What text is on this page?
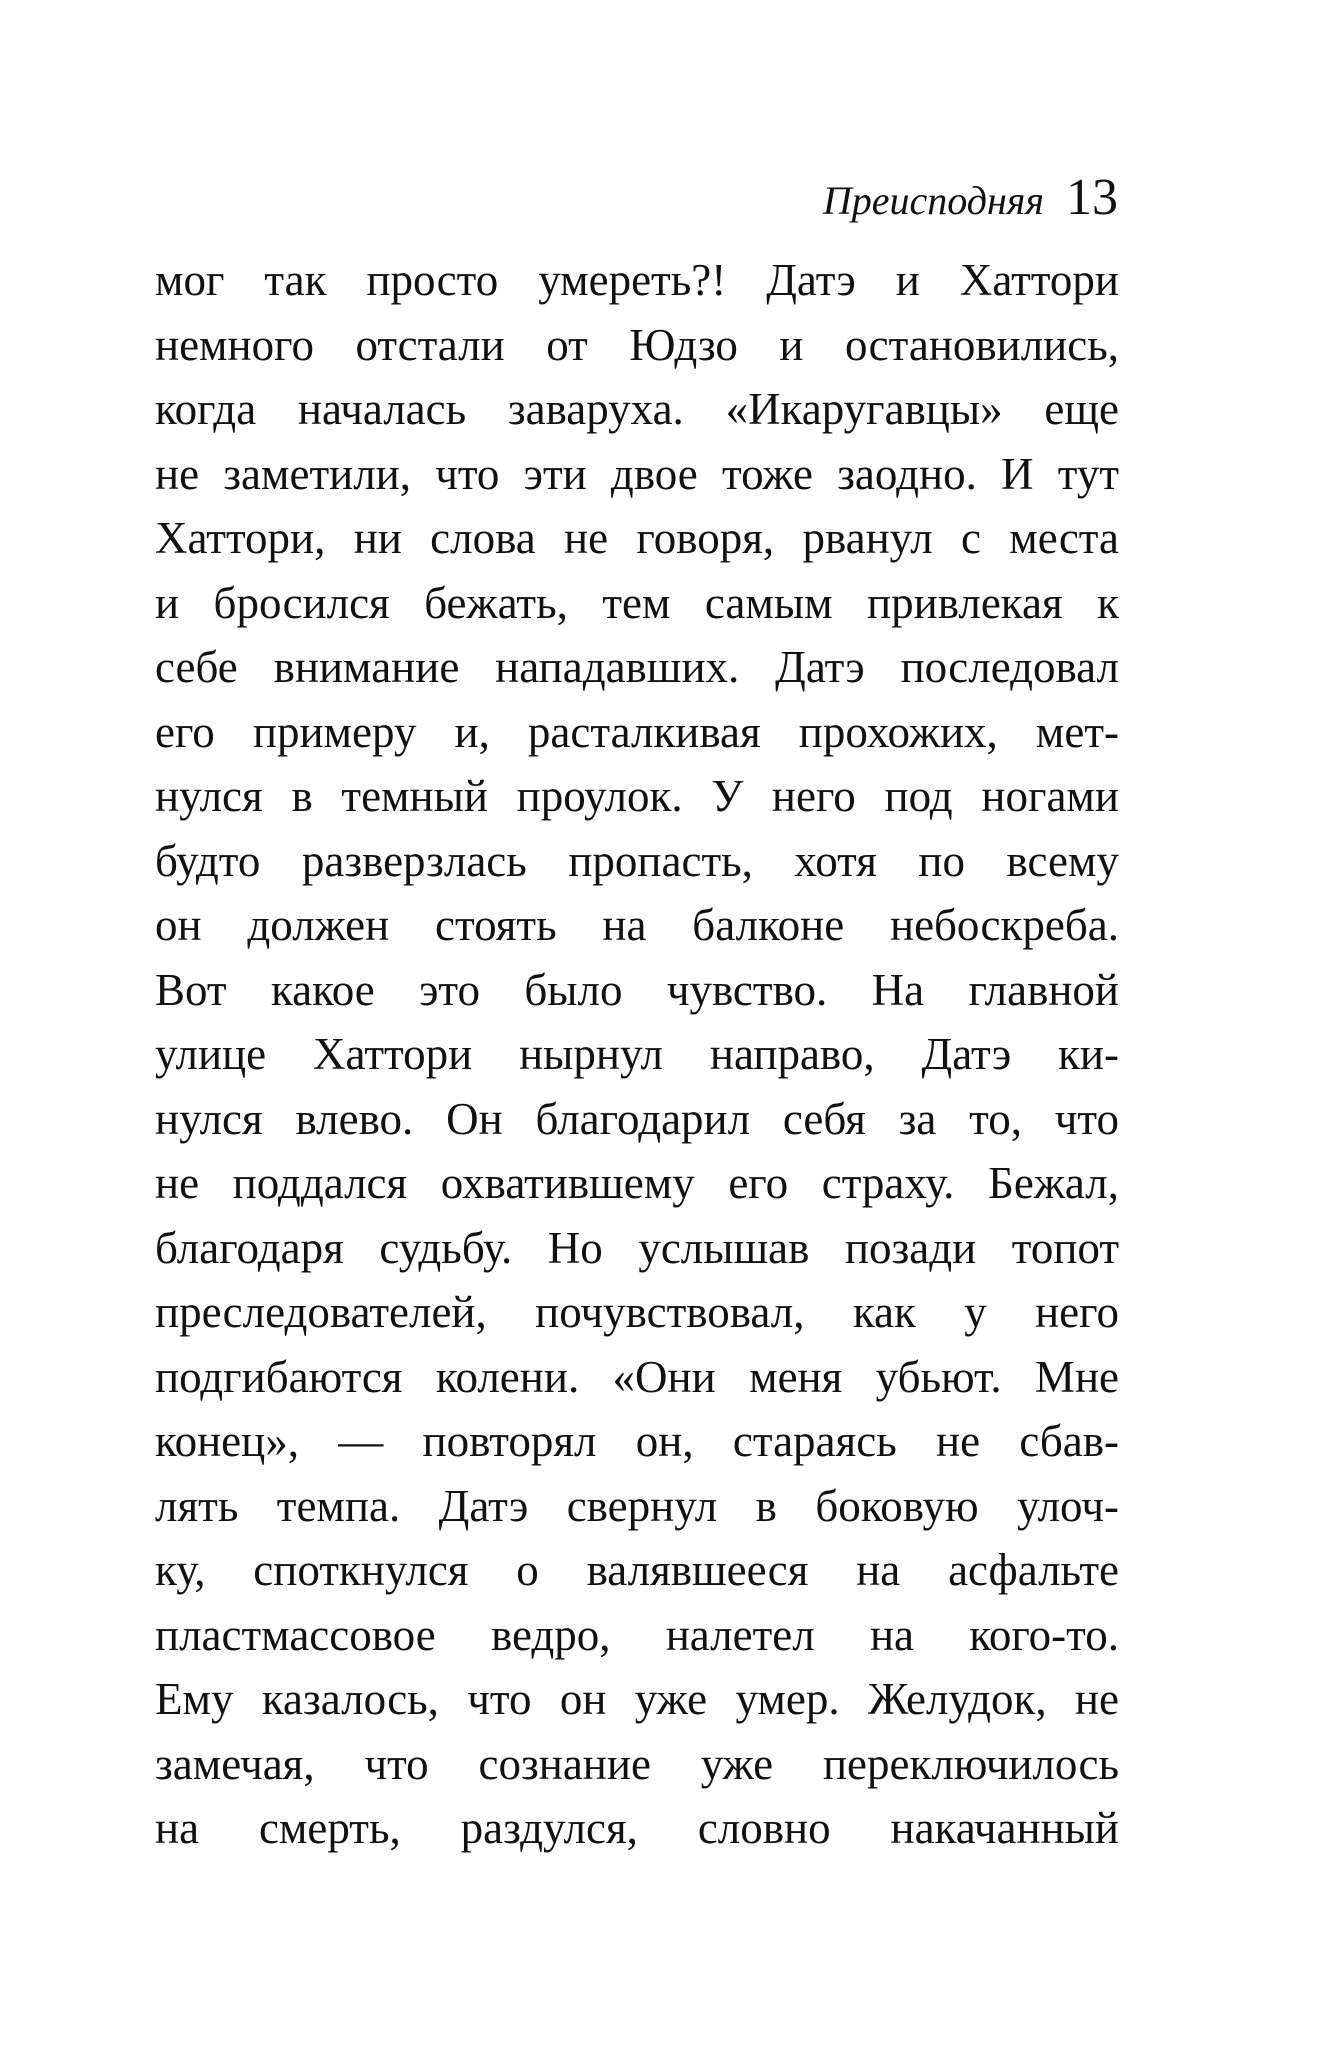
Преисподняя 13
мог так просто умереть?! Датэ и Хаттори
немного отстали от Юдзо и остановились,
когда началась заваруха. «Икаругавцы» еще
не заметили, что эти двое тоже заодно. И тут
Хаттори, ни слова не говоря, рванул с места
и бросился бежать, тем самым привлекая к
себе внимание нападавших. Датэ последовал
его примеру и, расталкивая прохожих, мет-
нулся в темный проулок. У него под ногами
будто разверзлась пропасть, хотя по всему
он должен стоять на балконе небоскреба.
Вот какое это было чувство. На главной
улице Хаттори нырнул направо, Датэ ки-
нулся влево. Он благодарил себя за то, что
не поддался охватившему его страху. Бежал,
благодаря судьбу. Но услышав позади топот
преследователей, почувствовал, как у него
подгибаются колени. «Они меня убьют. Мне
конец», — повторял он, стараясь не сбав-
лять темпа. Датэ свернул в боковую улоч-
ку, споткнулся о валявшееся на асфальте
пластмассовое ведро, налетел на кого-то.
Ему казалось, что он уже умер. Желудок, не
замечая, что сознание уже переключилось
на смерть, раздулся, словно накачанный
